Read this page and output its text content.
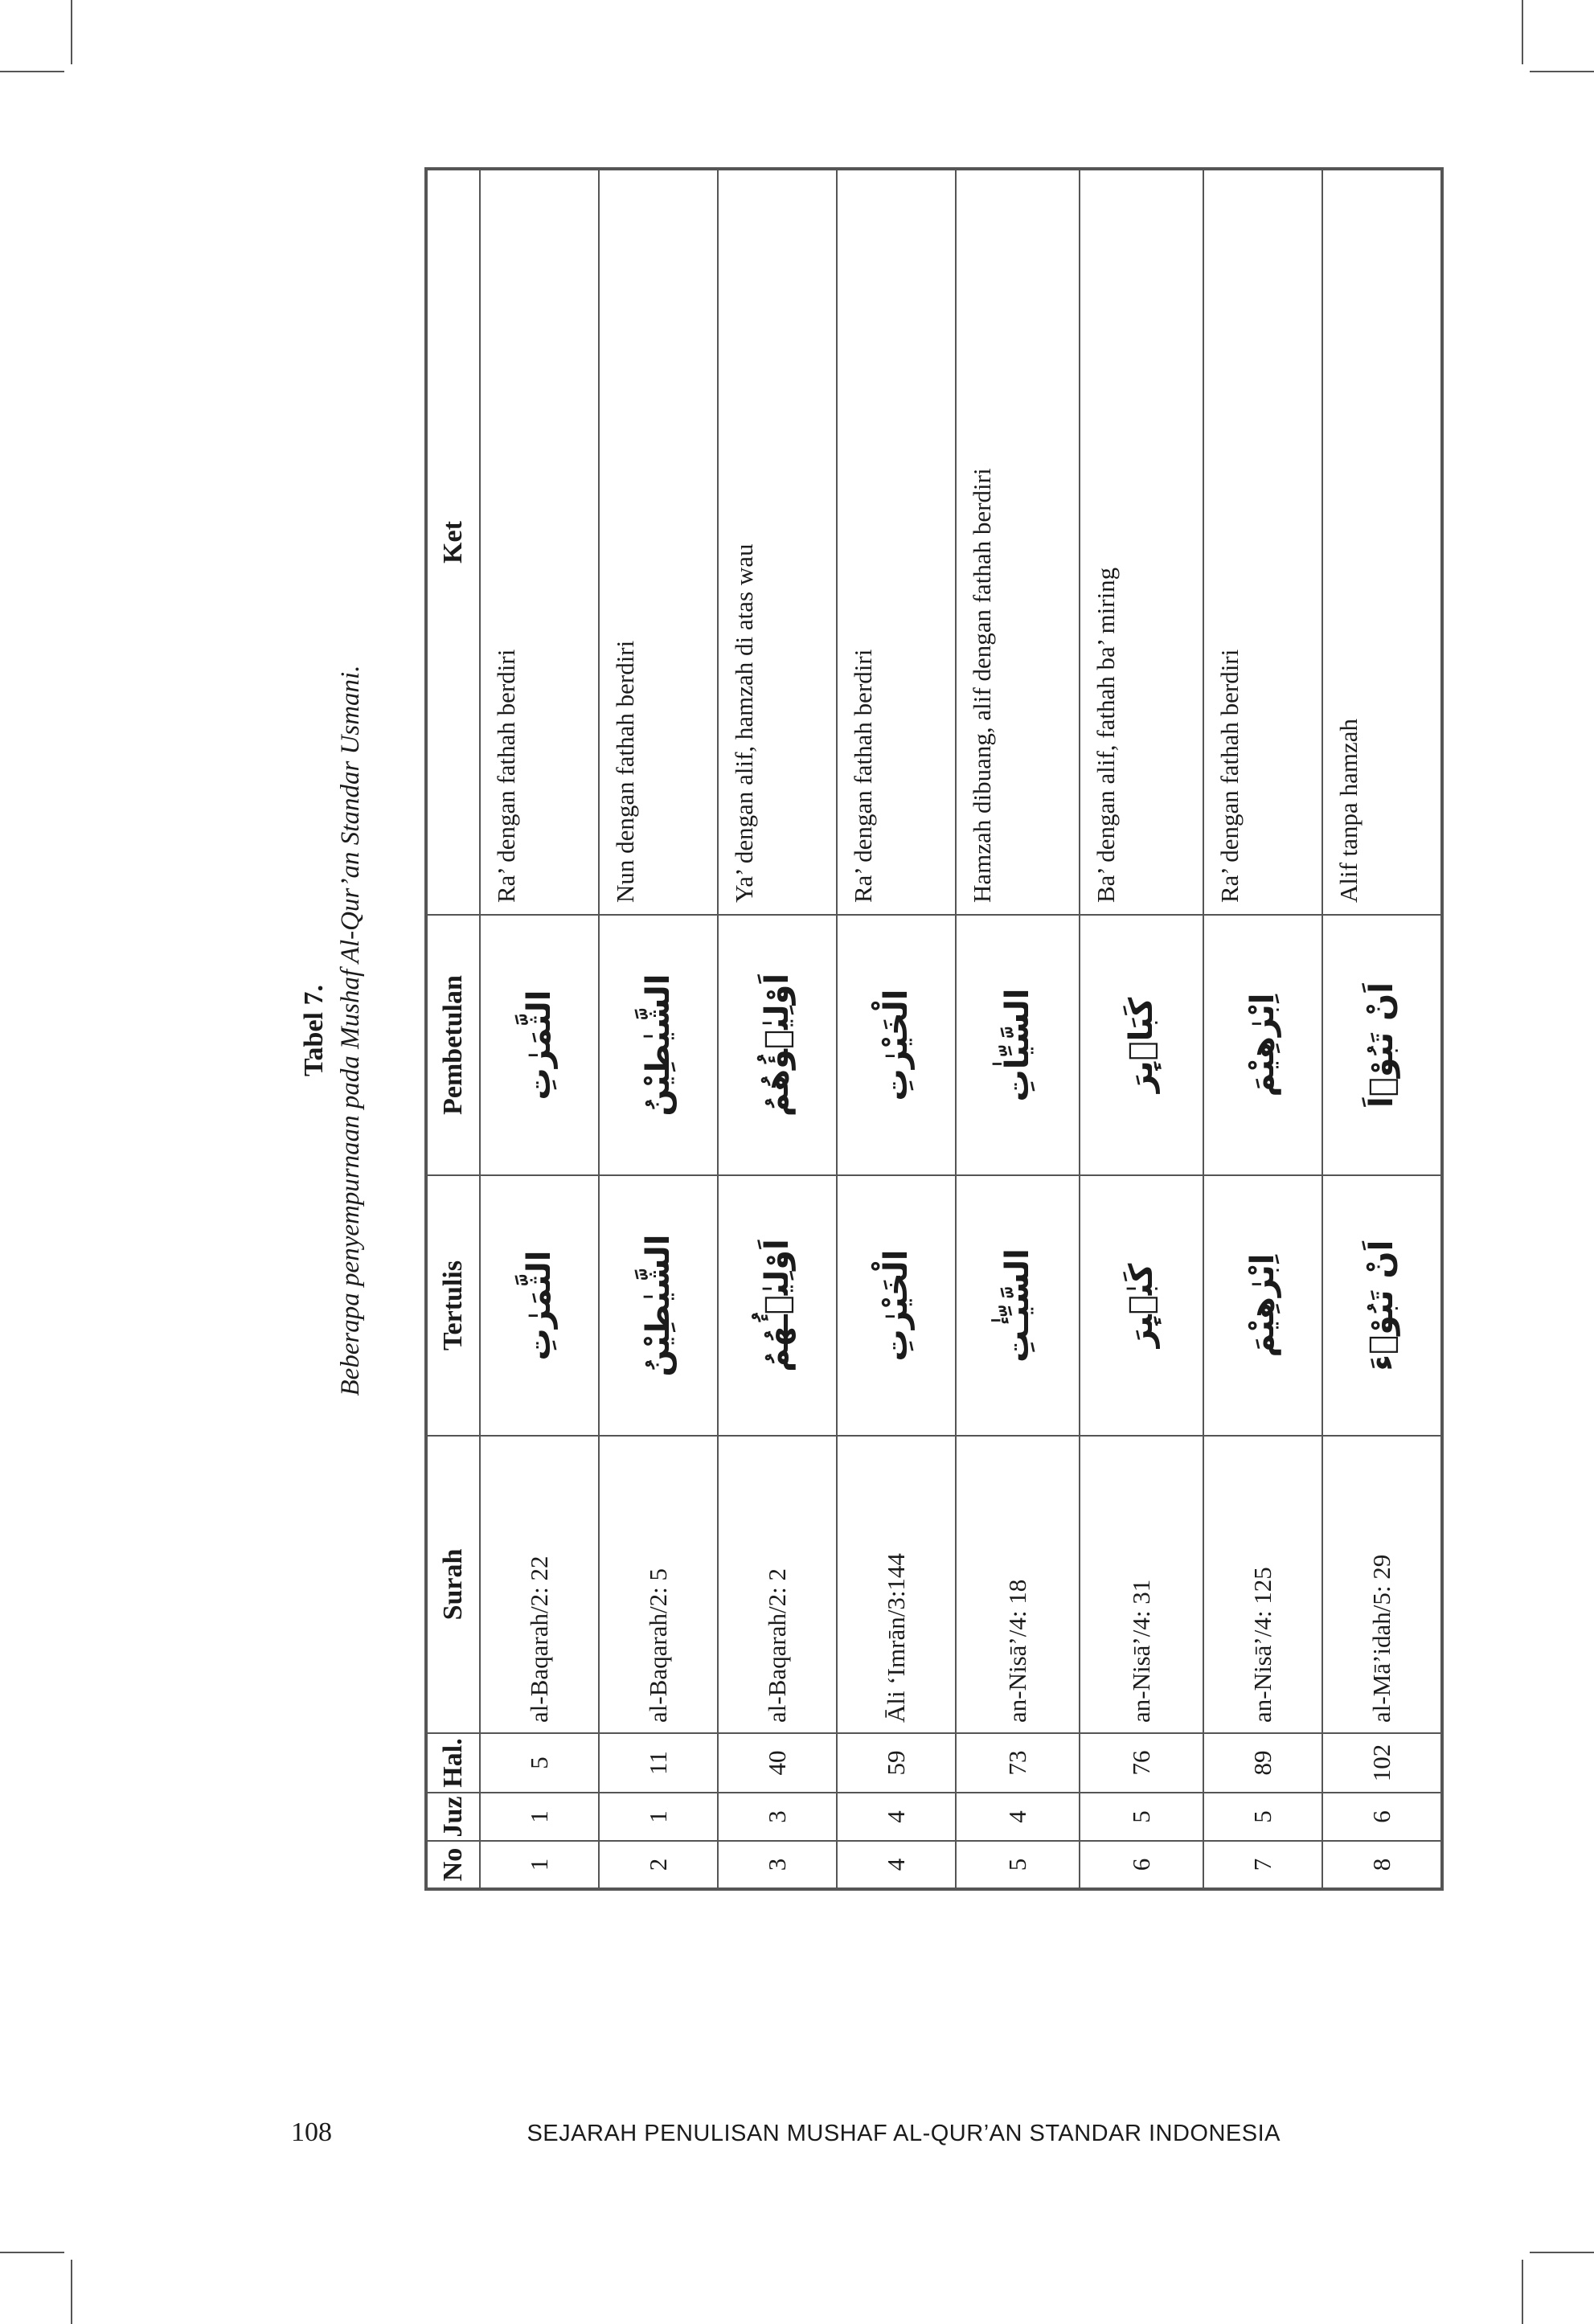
Tabel 7. Beberapa penyempurnaan pada Mushaf Al-Qur’an Standar Usmani.
No	Juz	Hal.	Surah	Tertulis	Pembetulan	Ket
1	1	5	al-Baqarah/2: 22	الثَّمَرٰتِ	الثَّمَرٰتِ	Ra’ dengan fathah berdiri
2	1	11	al-Baqarah/2: 5	الشَّيٰطِيْنُ	الشَّيٰطِيْنُ	Nun dengan fathah berdiri
3	3	40	al-Baqarah/2: 2	اَوْلِيٰۤـُٔهُمُ	اَوْلِيٰۤؤُهُمُ	Ya’ dengan alif, hamzah di atas wau
4	4	59	Āli ‘Imrān/3:144	الْخَيْرٰتِ	الْخَيْرٰتِ	Ra’ dengan fathah berdiri
5	4	73	an-Nisā’/4: 18	السَّيِّـٰٔتِ	السَّيِّاٰتِ	Hamzah dibuang, alif dengan fathah berdiri
6	5	76	an-Nisā’/4: 31	كَبٰۤىِٕرَ	كَبَاۤىِٕرَ	Ba’ dengan alif, fathah ba’ miring
7	5	89	an-Nisā’/4: 125	اِبْرٰهِيْمَ	اِبْرٰهِيْمَ	Ra’ dengan fathah berdiri
8	6	102	al-Mā’idah/5: 29	اَنْ تَبُوْۤءَ	اَنْ تَبُوْۤاَ	Alif tanpa hamzah
108	SEJARAH PENULISAN MUSHAF AL-QUR’AN STANDAR INDONESIA
